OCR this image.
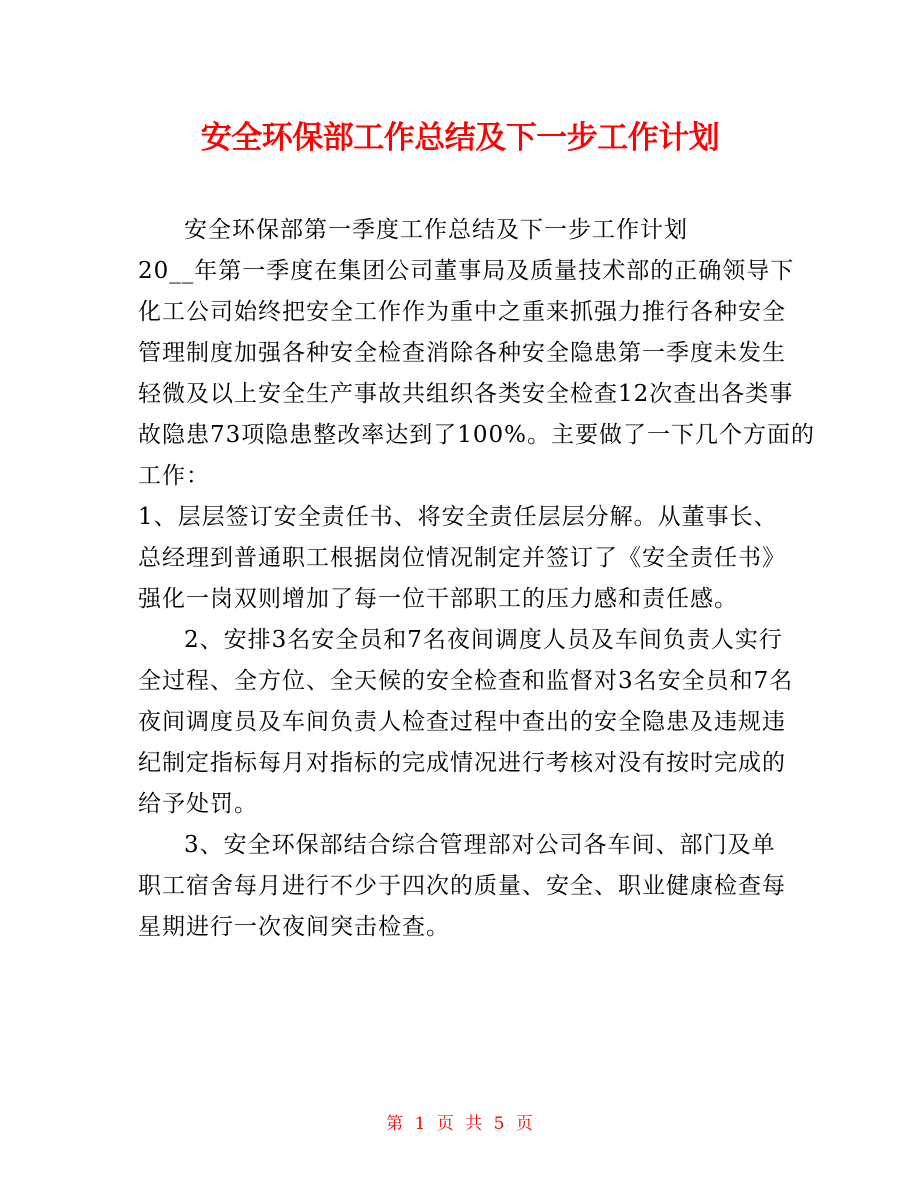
安全环保部工作总结及下一步工作计划
安全环保部第一季度工作总结及下一步工作计划
20__年第一季度在集团公司董事局及质量技术部的正确领导下
化工公司始终把安全工作作为重中之重来抓强力推行各种安全
管理制度加强各种安全检查消除各种安全隐患第一季度未发生
轻微及以上安全生产事故共组织各类安全检查12次查出各类事
故隐患73项隐患整改率达到了100%。主要做了一下几个方面的
工作：
1、层层签订安全责任书、将安全责任层层分解。从董事长、
总经理到普通职工根据岗位情况制定并签订了《安全责任书》
强化一岗双则增加了每一位干部职工的压力感和责任感。
2、安排3名安全员和7名夜间调度人员及车间负责人实行
全过程、全方位、全天候的安全检查和监督对3名安全员和7名
夜间调度员及车间负责人检查过程中查出的安全隐患及违规违
纪制定指标每月对指标的完成情况进行考核对没有按时完成的
给予处罚。
3、安全环保部结合综合管理部对公司各车间、部门及单
职工宿舍每月进行不少于四次的质量、安全、职业健康检查每
星期进行一次夜间突击检查。
第 1 页 共 5 页
